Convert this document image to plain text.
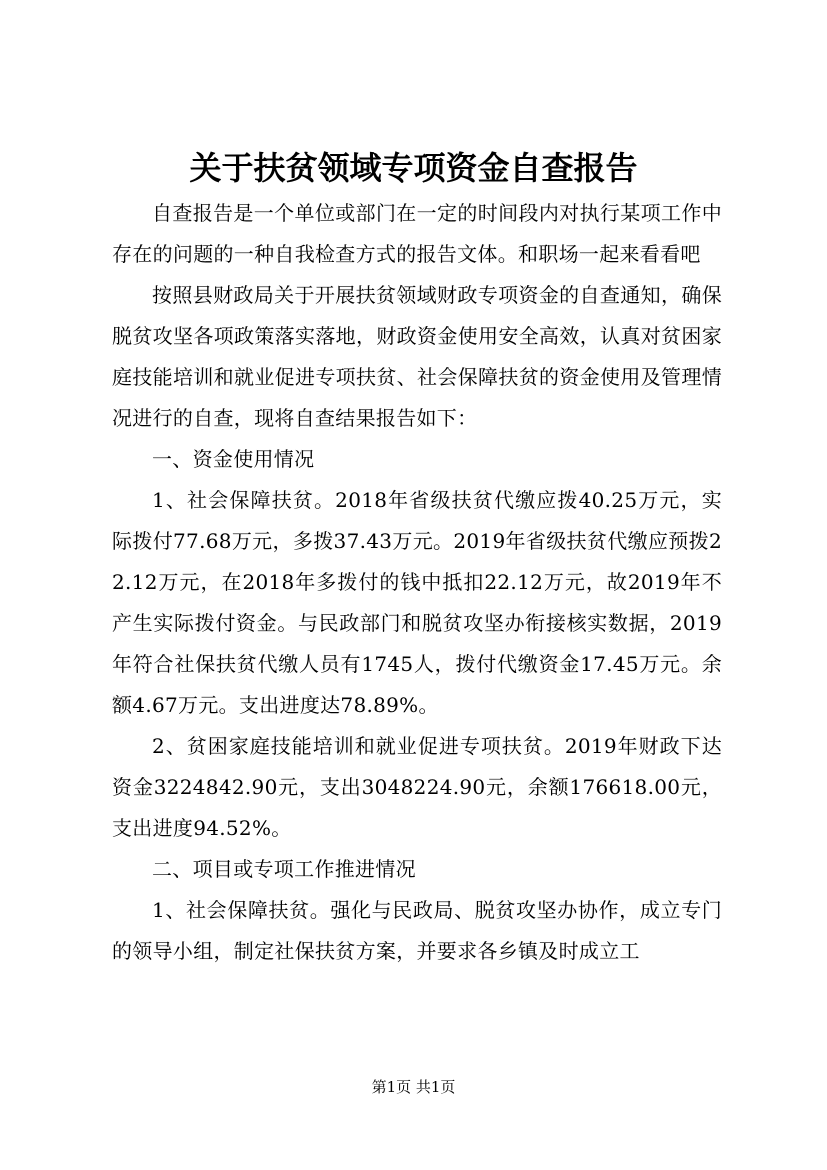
关于扶贫领域专项资金自查报告

自查报告是一个单位或部门在一定的时间段内对执行某项工作中存在的问题的一种自我检查方式的报告文体。和职场一起来看看吧

按照县财政局关于开展扶贫领域财政专项资金的自查通知，确保脱贫攻坚各项政策落实落地，财政资金使用安全高效，认真对贫困家庭技能培训和就业促进专项扶贫、社会保障扶贫的资金使用及管理情况进行的自查，现将自查结果报告如下：

一、资金使用情况

1、社会保障扶贫。2018年省级扶贫代缴应拨40.25万元，实际拨付77.68万元，多拨37.43万元。2019年省级扶贫代缴应预拨22.12万元，在2018年多拨付的钱中抵扣22.12万元，故2019年不产生实际拨付资金。与民政部门和脱贫攻坚办衔接核实数据，2019年符合社保扶贫代缴人员有1745人，拨付代缴资金17.45万元。余额4.67万元。支出进度达78.89%。

2、贫困家庭技能培训和就业促进专项扶贫。2019年财政下达资金3224842.90元，支出3048224.90元，余额176618.00元，支出进度94.52%。

二、项目或专项工作推进情况

1、社会保障扶贫。强化与民政局、脱贫攻坚办协作，成立专门的领导小组，制定社保扶贫方案，并要求各乡镇及时成立工

第1页 共1页
